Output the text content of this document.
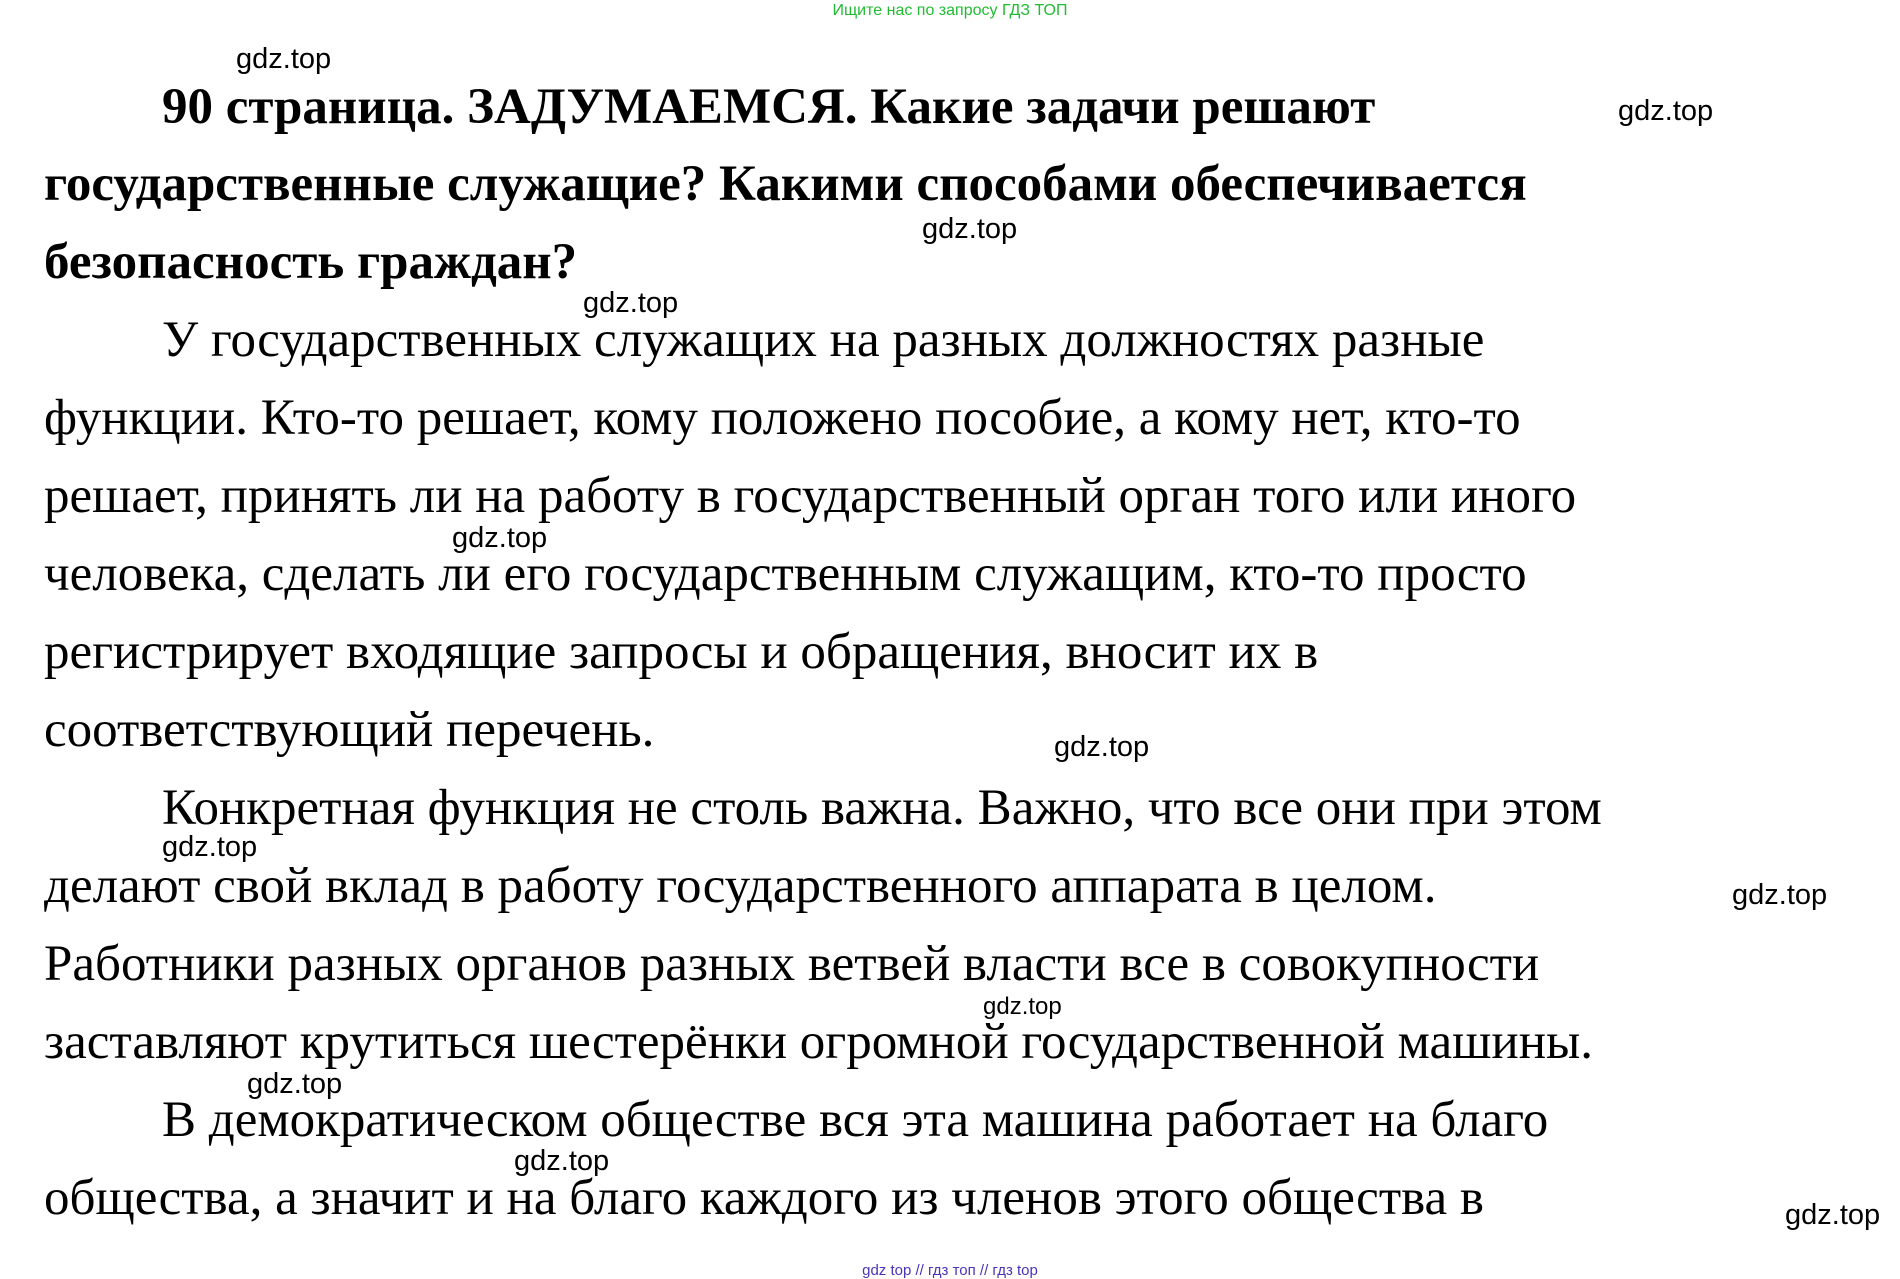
Ищите нас по запросу ГДЗ ТОП
90 страница. ЗАДУМАЕМСЯ. Какие задачи решают
государственные служащие? Какими способами обеспечивается
безопасность граждан?
У государственных служащих на разных должностях разные
функции. Кто-то решает, кому положено пособие, а кому нет, кто-то
решает, принять ли на работу в государственный орган того или иного
человека, сделать ли его государственным служащим, кто-то просто
регистрирует входящие запросы и обращения, вносит их в
соответствующий перечень.
Конкретная функция не столь важна. Важно, что все они при этом
делают свой вклад в работу государственного аппарата в целом.
Работники разных органов разных ветвей власти все в совокупности
заставляют крутиться шестерёнки огромной государственной машины.
В демократическом обществе вся эта машина работает на благо
общества, а значит и на благо каждого из членов этого общества в
gdz.top
gdz.top
gdz.top
gdz.top
gdz.top
gdz.top
gdz.top
gdz.top
gdz.top
gdz.top
gdz.top
gdz.top
gdz top // гдз топ // гдз top
